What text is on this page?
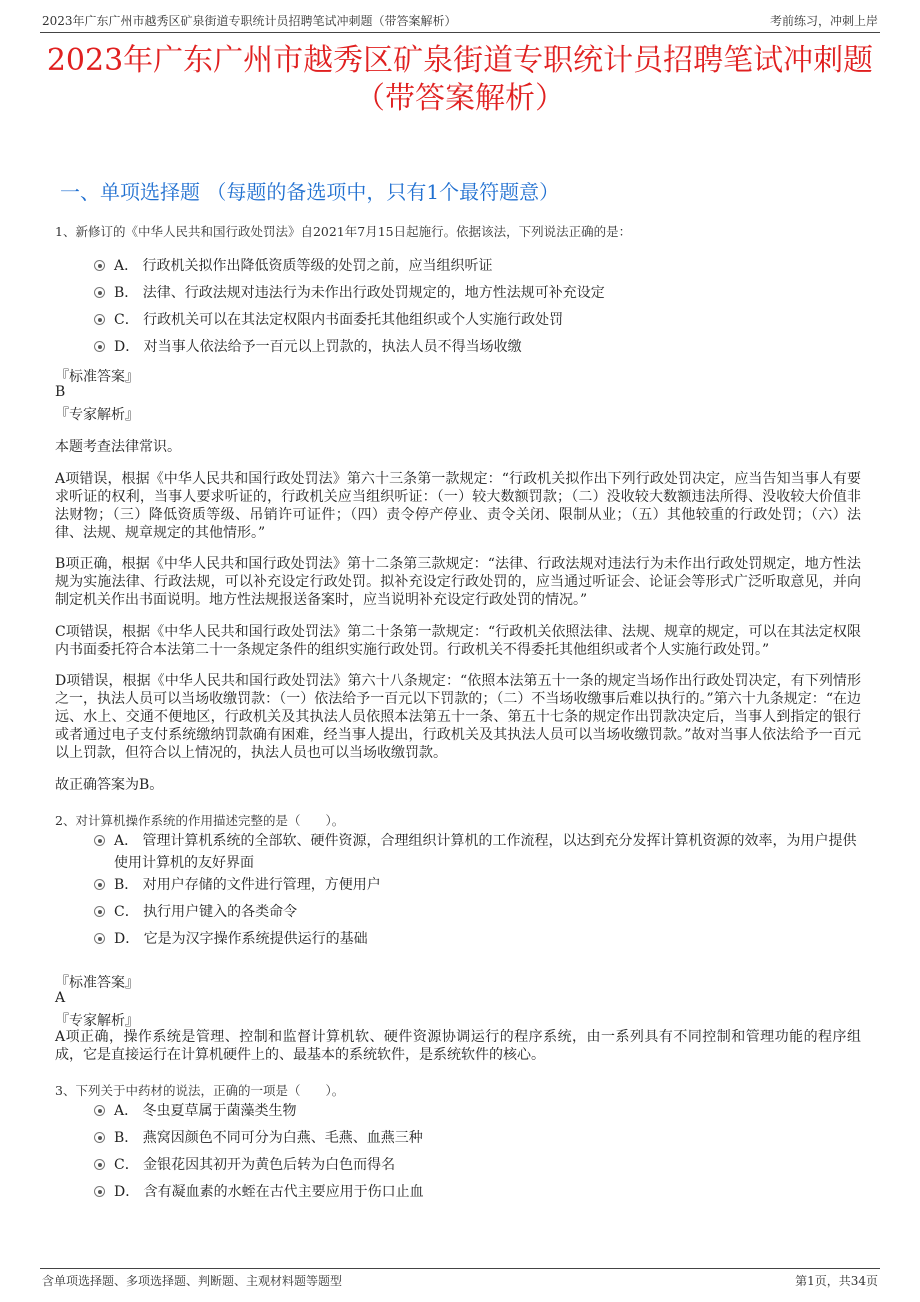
2023年广东广州市越秀区矿泉街道专职统计员招聘笔试冲刺题（带答案解析）	考前练习，冲刺上岸
2023年广东广州市越秀区矿泉街道专职统计员招聘笔试冲刺题
（带答案解析）
一、单项选择题 （每题的备选项中，只有1个最符题意）
1、新修订的《中华人民共和国行政处罚法》自2021年7月15日起施行。依据该法，下列说法正确的是：
A． 行政机关拟作出降低资质等级的处罚之前，应当组织听证
B． 法律、行政法规对违法行为未作出行政处罚规定的，地方性法规可补充设定
C． 行政机关可以在其法定权限内书面委托其他组织或个人实施行政处罚
D． 对当事人依法给予一百元以上罚款的，执法人员不得当场收缴
『标准答案』
B
『专家解析』
本题考查法律常识。
A项错误，根据《中华人民共和国行政处罚法》第六十三条第一款规定：“行政机关拟作出下列行政处罚决定，应当告知当事人有要求听证的权利，当事人要求听证的，行政机关应当组织听证：（一）较大数额罚款；（二）没收较大数额违法所得、没收较大价值非法财物；（三）降低资质等级、吊销许可证件；（四）责令停产停业、责令关闭、限制从业；（五）其他较重的行政处罚；（六）法律、法规、规章规定的其他情形。”
B项正确，根据《中华人民共和国行政处罚法》第十二条第三款规定：“法律、行政法规对违法行为未作出行政处罚规定，地方性法规为实施法律、行政法规，可以补充设定行政处罚。拟补充设定行政处罚的，应当通过听证会、论证会等形式广泛听取意见，并向制定机关作出书面说明。地方性法规报送备案时，应当说明补充设定行政处罚的情况。”
C项错误，根据《中华人民共和国行政处罚法》第二十条第一款规定：“行政机关依照法律、法规、规章的规定，可以在其法定权限内书面委托符合本法第二十一条规定条件的组织实施行政处罚。行政机关不得委托其他组织或者个人实施行政处罚。”
D项错误，根据《中华人民共和国行政处罚法》第六十八条规定：“依照本法第五十一条的规定当场作出行政处罚决定，有下列情形之一，执法人员可以当场收缴罚款：（一）依法给予一百元以下罚款的；（二）不当场收缴事后难以执行的。”第六十九条规定：“在边远、水上、交通不便地区，行政机关及其执法人员依照本法第五十一条、第五十七条的规定作出罚款决定后，当事人到指定的银行或者通过电子支付系统缴纳罚款确有困难，经当事人提出，行政机关及其执法人员可以当场收缴罚款。”故对当事人依法给予一百元以上罚款，但符合以上情况的，执法人员也可以当场收缴罚款。
故正确答案为B。
2、对计算机操作系统的作用描述完整的是（　　）。
A． 管理计算机系统的全部软、硬件资源，合理组织计算机的工作流程，以达到充分发挥计算机资源的效率，为用户提供使用计算机的友好界面
B． 对用户存储的文件进行管理，方便用户
C． 执行用户键入的各类命令
D． 它是为汉字操作系统提供运行的基础
『标准答案』
A
『专家解析』
A项正确，操作系统是管理、控制和监督计算机软、硬件资源协调运行的程序系统，由一系列具有不同控制和管理功能的程序组成，它是直接运行在计算机硬件上的、最基本的系统软件，是系统软件的核心。
3、下列关于中药材的说法，正确的一项是（　　）。
A． 冬虫夏草属于菌藻类生物
B． 燕窝因颜色不同可分为白燕、毛燕、血燕三种
C． 金银花因其初开为黄色后转为白色而得名
D． 含有凝血素的水蛭在古代主要应用于伤口止血
含单项选择题、多项选择题、判断题、主观材料题等题型	第1页，共34页
